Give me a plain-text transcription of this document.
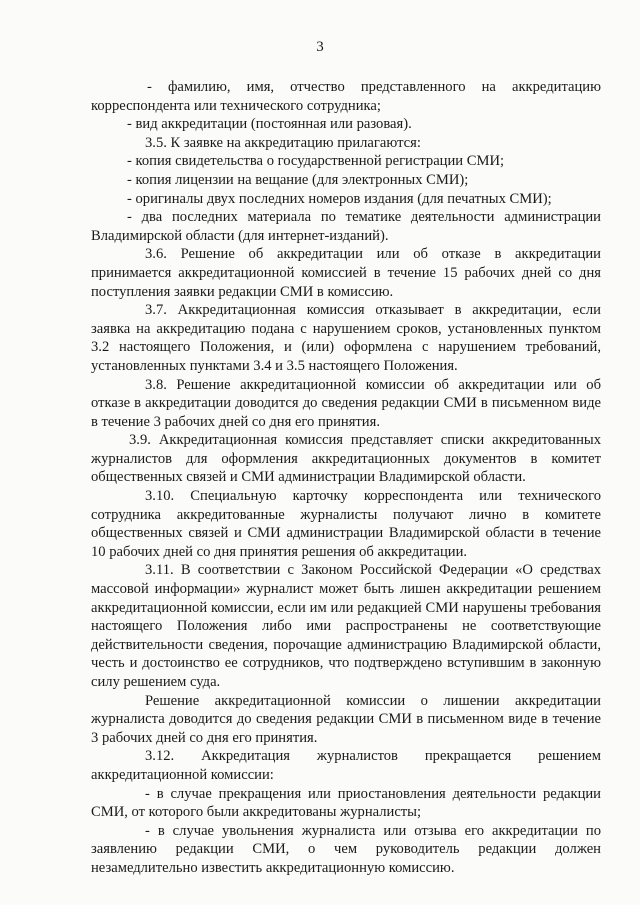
3

- фамилию, имя, отчество представленного на аккредитацию корреспондента или технического сотрудника;

- вид аккредитации (постоянная или разовая).

3.5. К заявке на аккредитацию прилагаются:

- копия свидетельства о государственной регистрации СМИ;

- копия лицензии на вещание (для электронных СМИ);

- оригиналы двух последних номеров издания (для печатных СМИ);

- два последних материала по тематике деятельности администрации Владимирской области (для интернет-изданий).

3.6. Решение об аккредитации или об отказе в аккредитации принимается аккредитационной комиссией в течение 15 рабочих дней со дня поступления заявки редакции СМИ в комиссию.

3.7. Аккредитационная комиссия отказывает в аккредитации, если заявка на аккредитацию подана с нарушением сроков, установленных пунктом 3.2 настоящего Положения, и (или) оформлена с нарушением требований, установленных пунктами 3.4 и 3.5 настоящего Положения.

3.8. Решение аккредитационной комиссии об аккредитации или об отказе в аккредитации доводится до сведения редакции СМИ в письменном виде в течение 3 рабочих дней со дня его принятия.

3.9. Аккредитационная комиссия представляет списки аккредитованных журналистов для оформления аккредитационных документов в комитет общественных связей и СМИ администрации Владимирской области.

3.10. Специальную карточку корреспондента или технического сотрудника аккредитованные журналисты получают лично в комитете общественных связей и СМИ администрации Владимирской области в течение 10 рабочих дней со дня принятия решения об аккредитации.

3.11. В соответствии с Законом Российской Федерации «О средствах массовой информации» журналист может быть лишен аккредитации решением аккредитационной комиссии, если им или редакцией СМИ нарушены требования настоящего Положения либо ими распространены не соответствующие действительности сведения, порочащие администрацию Владимирской области, честь и достоинство ее сотрудников, что подтверждено вступившим в законную силу решением суда.

Решение аккредитационной комиссии о лишении аккредитации журналиста доводится до сведения редакции СМИ в письменном виде в течение 3 рабочих дней со дня его принятия.

3.12. Аккредитация журналистов прекращается решением аккредитационной комиссии:

- в случае прекращения или приостановления деятельности редакции СМИ, от которого были аккредитованы журналисты;

- в случае увольнения журналиста или отзыва его аккредитации по заявлению редакции СМИ, о чем руководитель редакции должен незамедлительно известить аккредитационную комиссию.
